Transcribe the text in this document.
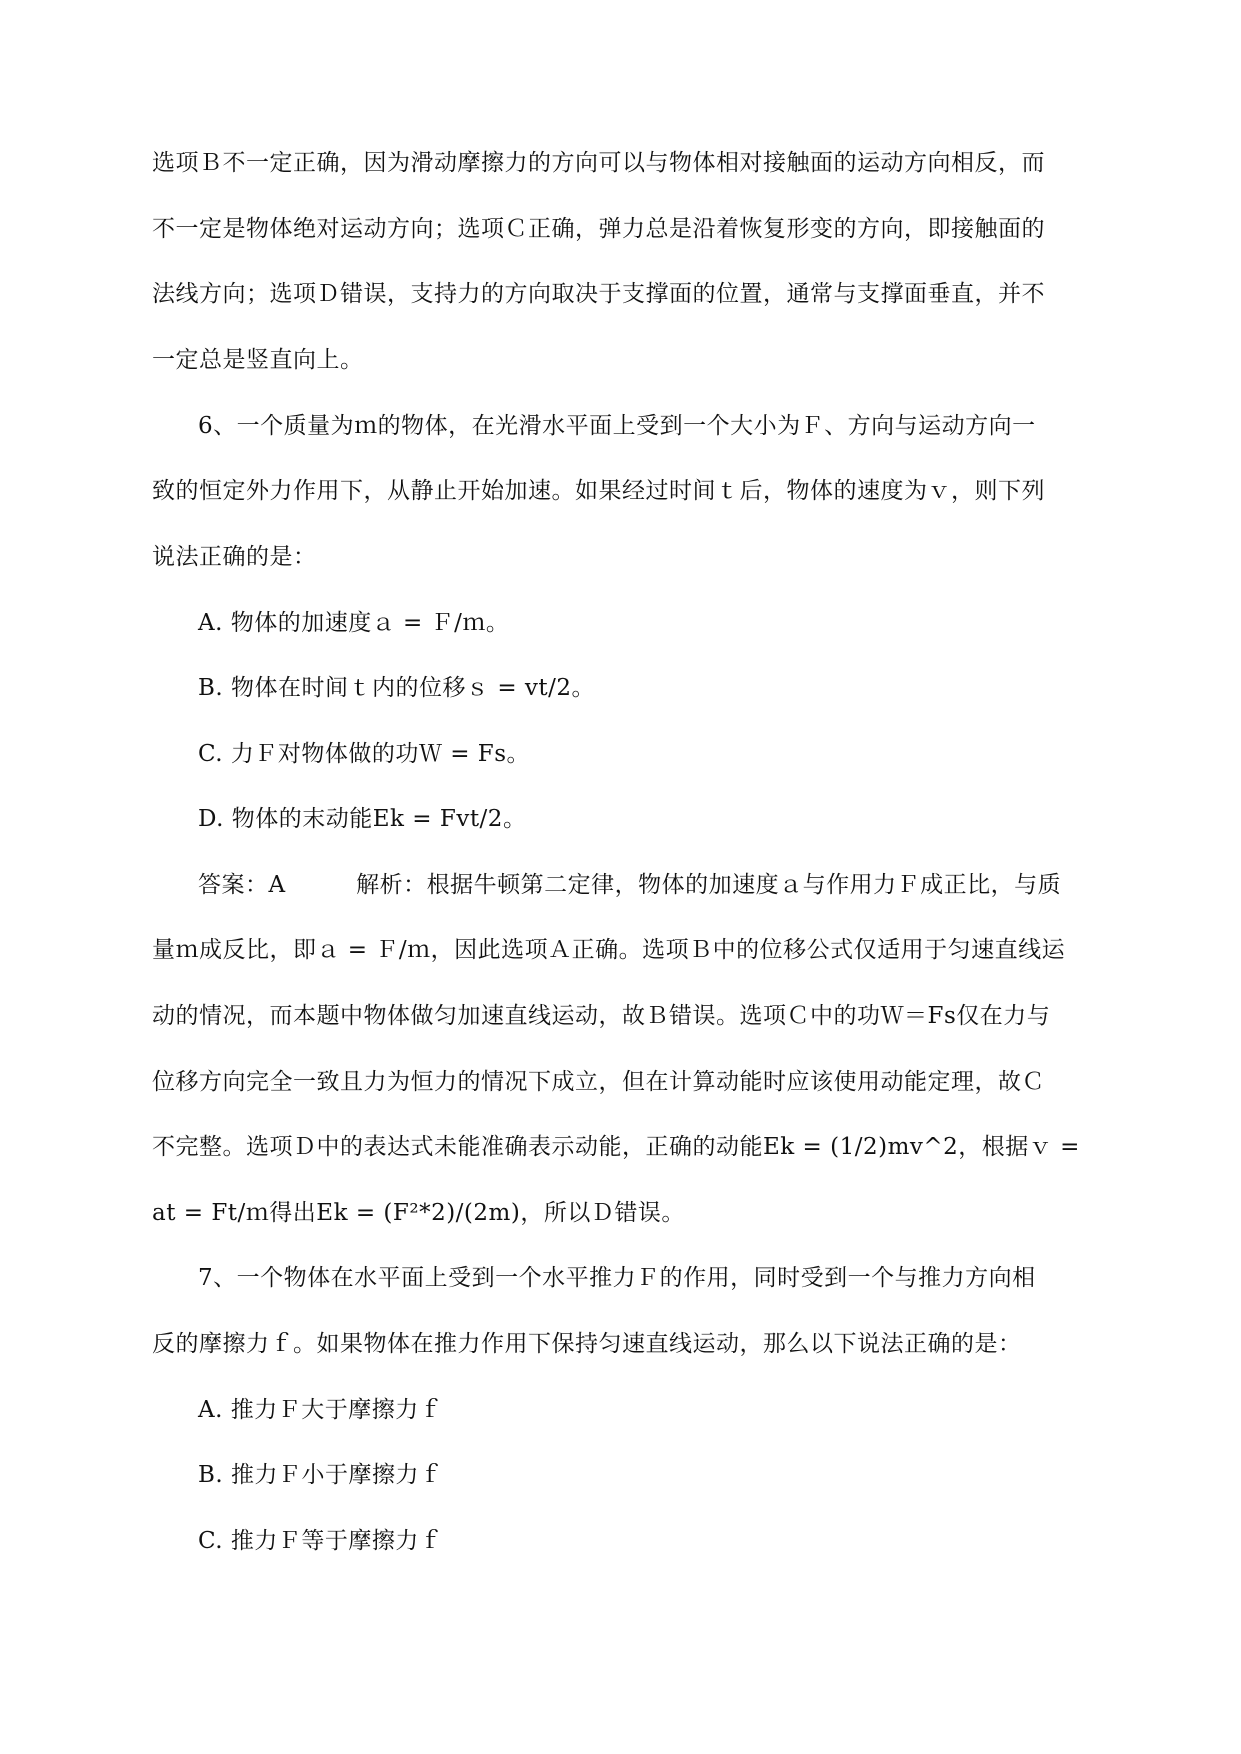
选项Ｂ不一定正确，因为滑动摩擦力的方向可以与物体相对接触面的运动方向相反，而
不一定是物体绝对运动方向；选项Ｃ正确，弹力总是沿着恢复形变的方向，即接触面的
法线方向；选项Ｄ错误，支持力的方向取决于支撑面的位置，通常与支撑面垂直，并不
一定总是竖直向上。
6、一个质量为ｍ的物体，在光滑水平面上受到一个大小为Ｆ、方向与运动方向一
致的恒定外力作用下，从静止开始加速。如果经过时间ｔ后，物体的速度为ｖ，则下列
说法正确的是：
A. 物体的加速度ａ = Ｆ/ｍ。
B. 物体在时间ｔ内的位移ｓ = vt/2。
C. 力Ｆ对物体做的功Ｗ = Fs。
D. 物体的末动能Ek = Fvt/2。
答案：A　　　解析：根据牛顿第二定律，物体的加速度ａ与作用力Ｆ成正比，与质
量ｍ成反比，即ａ = Ｆ/ｍ，因此选项Ａ正确。选项Ｂ中的位移公式仅适用于匀速直线运
动的情况，而本题中物体做匀加速直线运动，故Ｂ错误。选项Ｃ中的功Ｗ＝Fs仅在力与
位移方向完全一致且力为恒力的情况下成立，但在计算动能时应该使用动能定理，故Ｃ
不完整。选项Ｄ中的表达式未能准确表示动能，正确的动能Ek = (1/2)mv^2，根据ｖ =
at = Ft/ｍ得出Ek = (F²*2)/(2m)，所以Ｄ错误。
7、一个物体在水平面上受到一个水平推力Ｆ的作用，同时受到一个与推力方向相
反的摩擦力ｆ。如果物体在推力作用下保持匀速直线运动，那么以下说法正确的是：
A. 推力Ｆ大于摩擦力ｆ
B. 推力Ｆ小于摩擦力ｆ
C. 推力Ｆ等于摩擦力ｆ
